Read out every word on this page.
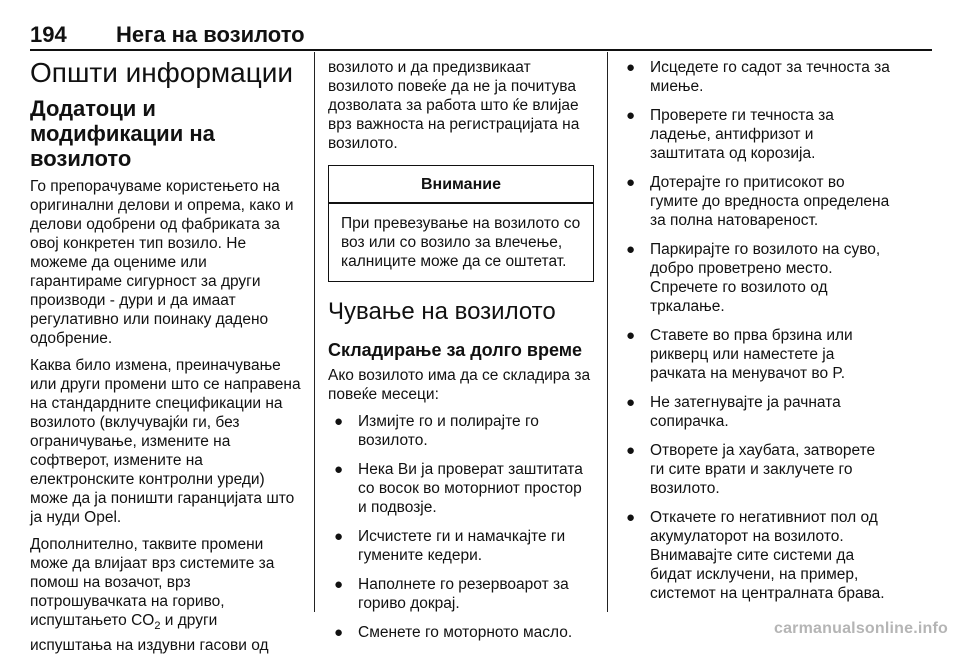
194 Нега на возилото
Општи информации
Додатоци и модификации на возилото

Го препорачуваме користењето на оригинални делови и опрема, како и делови одобрени од фабриката за овој конкретен тип возило. Не можеме да оцениме или гарантираме сигурност за други производи - дури и да имаат регулативно или поинаку дадено одобрение.

Каква било измена, преиначување или други промени што се направена на стандардните спецификации на возилото (вклучувајќи ги, без ограничување, измените на софтверот, измените на електронските контролни уреди) може да ја поништи гаранцијата што ја нуди Opel.

Дополнително, таквите промени може да влијаат врз системите за помош на возачот, врз потрошувачката на гориво, испуштањето $CO_2$ и други испуштања на издувни гасови од

возилото и да предизвикаат возилото повеќе да не ја почитува дозволата за работа што ќе влијае врз важноста на регистрацијата на возилото.

Внимание
При превезување на возилото со воз или со возило за влечење, калниците може да се оштетат.
Чување на возилото
Складирање за долго време

Ако возилото има да се складира за повеќе месеци:

● Измијте го и полирајте го возилото.
● Нека Ви ја проверат заштитата со восок во моторниот простор и подвозје.
● Исчистете ги и намачкајте ги гумените кедери.
● Наполнете го резервоарот за гориво докрај.
● Сменете го моторното масло.
● Исцедете го садот за течноста за миење.
● Проверете ги течноста за ладење, антифризот и заштитата од корозија.
● Дотерајте го притисокот во гумите до вредноста определена за полна натовареност.
● Паркирајте го возилото на суво, добро проветрено место. Спречете го возилото од тркалање.
● Ставете во прва брзина или рикверц или наместете ја рачката на менувачот во P.
● Не затегнувајте ја рачната сопирачка.
● Отворете ја хаубата, затворете ги сите врати и заклучете го возилото.
● Откачете го негативниот пол од акумулаторот на возилото. Внимавајте сите системи да бидат исклучени, на пример, системот на централната брава.
carmanualsonline.info
